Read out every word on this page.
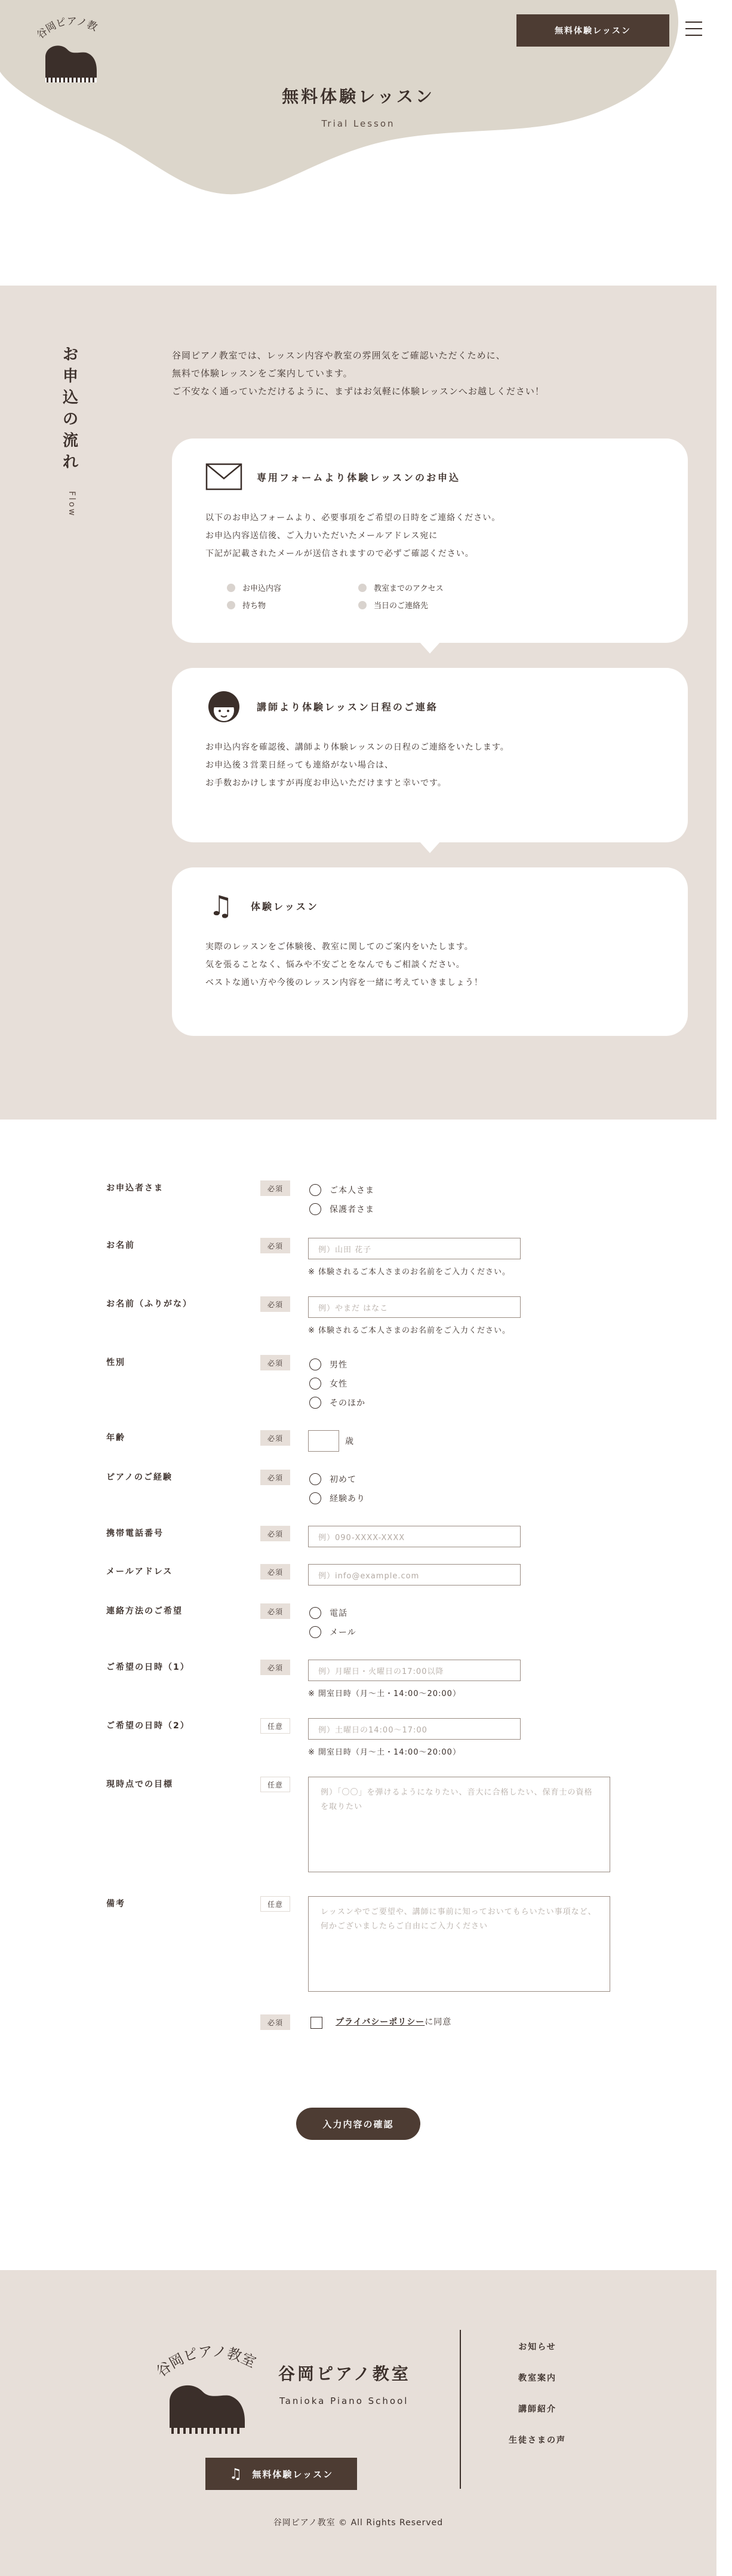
岡ピアノ教
♫
無料体験レッスン
無料体験レッスン
Trial Lesson
お
申
込
の
流
れ
Flow
谷岡ピアノ教室では、レッスン内容や教室の雰囲気をご確認いただくために、
無料で体験レッスンをご案内しています。
ご不安なく通っていただけるように、まずはお気軽に体験レッスンへお越しください！
専用フォームより体験レッスンのお申込
以下のお申込フォームより、必要事項をご希望の日時をご連絡ください。
お申込内容送信後、ご入力いただいたメールアドレス宛に
下記が記載されたメールが送信されますので必ずご確認ください。
お申込内容	教室までのアクセス
持ち物	当日のご連絡先
講師より体験レッスン日程のご連絡
お申込内容を確認後、講師より体験レッスンの日程のご連絡をいたします。
お申込後３営業日経っても連絡がない場合は、
お手数おかけしますが再度お申込いただけますと幸いです。
♫	体験レッスン
実際のレッスンをご体験後、教室に関してのご案内をいたします。
気を張ることなく、悩みや不安ごとをなんでもご相談ください。
ベストな通い方や今後のレッスン内容を一緒に考えていきましょう！
お申込者さま	必須	ご本人さま
保護者さま
お名前	必須	例）山田 花子
※ 体験されるご本人さまのお名前をご入力ください。
お名前（ふりがな）	必須	例）やまだ はなこ
※ 体験されるご本人さまのお名前をご入力ください。
性別	必須	男性
女性
そのほか
年齢	必須	歳
ピアノのご経験	必須	初めて
経験あり
携帯電話番号	必須	例）090-XXXX-XXXX
メールアドレス	必須	例）info@example.com
連絡方法のご希望	必須	電話
メール
ご希望の日時（1）	必須	例）月曜日・火曜日の17:00以降
※ 開室日時（月〜土・14:00〜20:00）
ご希望の日時（2）	任意	例）土曜日の14:00〜17:00
※ 開室日時（月〜土・14:00〜20:00）
現時点での目標	任意
例）「〇〇」を弾けるようになりたい、音大に合格したい、保育士の資格を取りたい
備考	任意
レッスンやでご要望や、講師に事前に知っておいてもらいたい事項など、何かございましたらご自由にご入力ください
必須	プライバシーポリシーに同意
入力内容の確認
岡ピアノ教室
谷岡ピアノ教室
Tanioka Piano School
お知らせ
教室案内
講師紹介
生徒さまの声
♫ 無料体験レッスン
谷岡ピアノ教室 © All Rights Reserved
